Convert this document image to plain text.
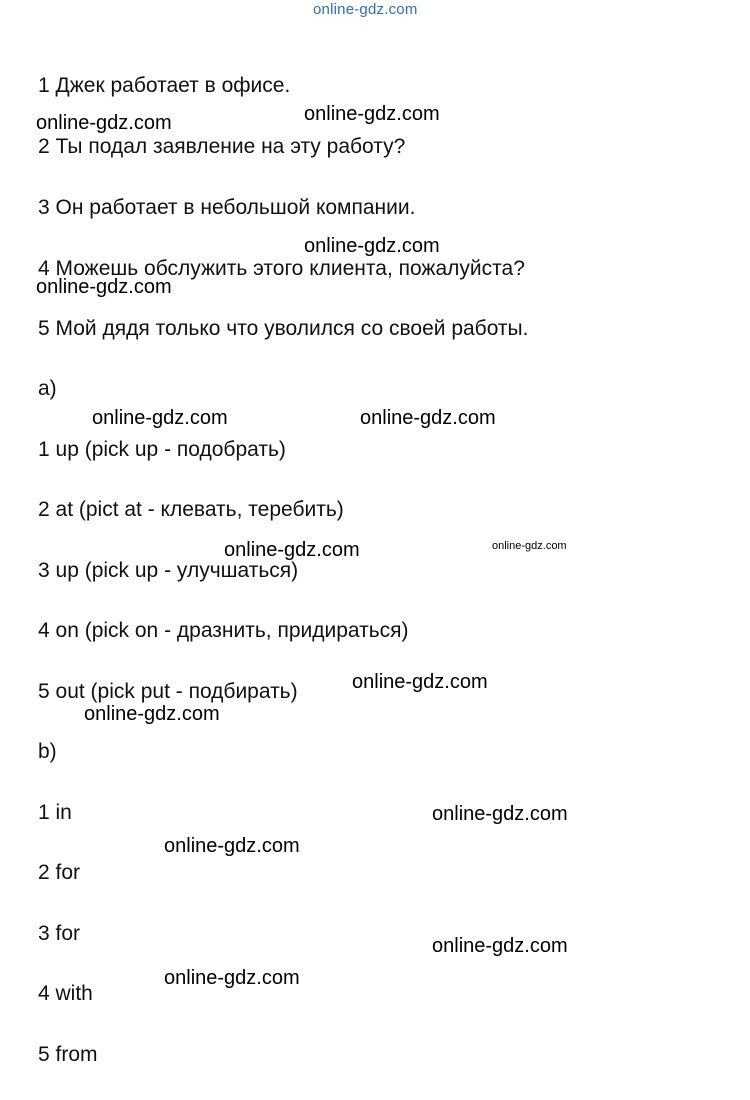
online-gdz.com
1 Джек работает в офисе.
2 Ты подал заявление на эту работу?
3 Он работает в небольшой компании.
4 Можешь обслужить этого клиента, пожалуйста?
5 Мой дядя только что уволился со своей работы.
a)
1 up (pick up - подобрать)
2 at (pict at - клевать, теребить)
3 up (pick up - улучшаться)
4 on (pick on - дразнить, придираться)
5 out (pick put - подбирать)
b)
1 in
2 for
3 for
4 with
5 from
online-gdz.com
online-gdz.com
online-gdz.com
online-gdz.com
online-gdz.com	online-gdz.com
online-gdz.com	online-gdz.com
online-gdz.com
online-gdz.com
online-gdz.com
online-gdz.com
online-gdz.com
online-gdz.com
